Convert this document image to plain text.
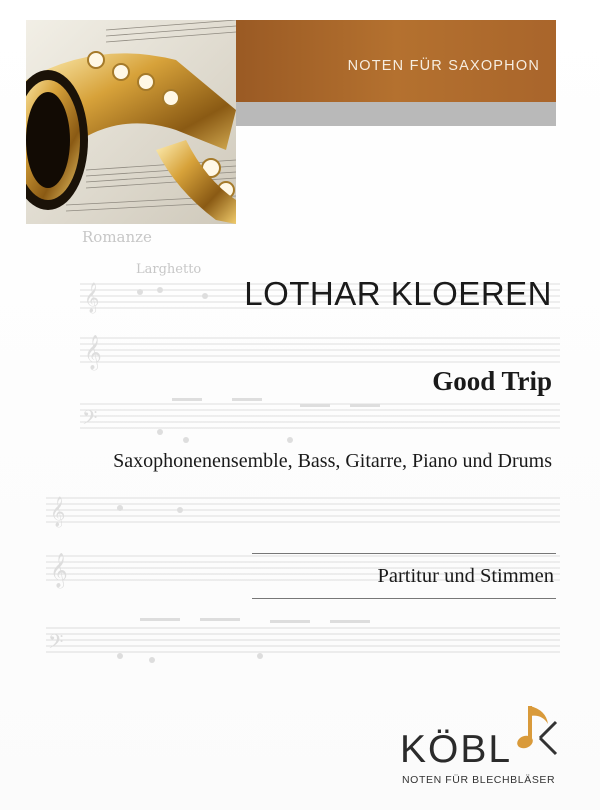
𝄞
𝄞
𝄢
𝄞
𝄞
𝄢
Romanze
Larghetto
NOTEN FÜR SAXOPHON
LOTHAR KLOEREN
Good Trip
Saxophonenensemble, Bass, Gitarre, Piano und Drums
Partitur und Stimmen
KÖBL
NOTEN FÜR BLECHBLÄSER
